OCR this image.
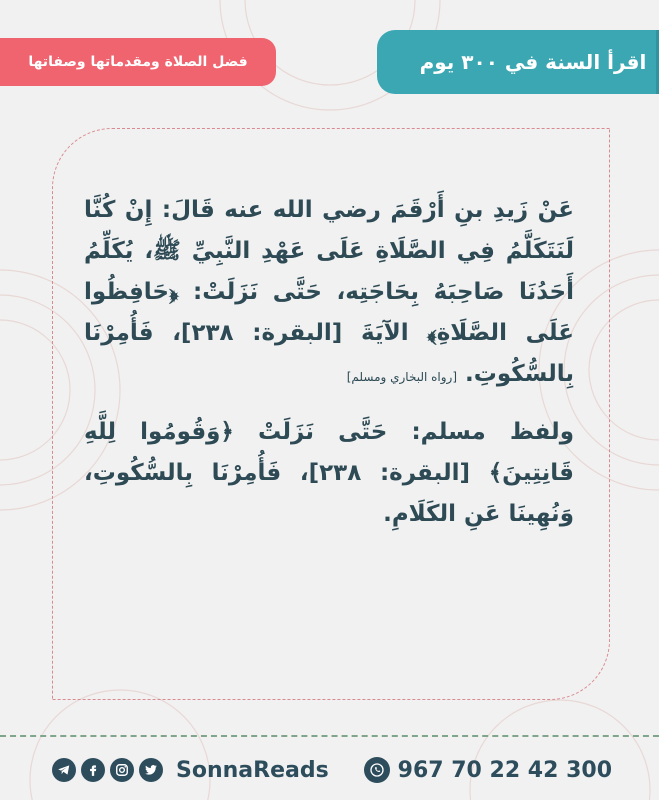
اقرأ السنة في ٣٠٠ يوم
فضل الصلاة ومقدماتها وصفاتها

عَنْ زَيدِ بنِ أَرْقَمَ رضي الله عنه قَالَ: إِنْ كُنَّا لَنَتَكَلَّمُ فِي الصَّلَاةِ عَلَى عَهْدِ النَّبِيِّ ﷺ، يُكَلِّمُ أَحَدُنَا صَاحِبَهُ بِحَاجَتِه، حَتَّى نَزَلَتْ: ﴿حَافِظُوا عَلَى الصَّلَاةِ﴾ الآيَةَ [البقرة: ٢٣٨]، فَأُمِرْنَا بِالسُّكُوتِ. [رواه البخاري ومسلم]

ولفظ مسلم: حَتَّى نَزَلَتْ ﴿وَقُومُوا لِلَّهِ قَانِتِينَ﴾ [البقرة: ٢٣٨]، فَأُمِرْنَا بِالسُّكُوتِ، وَنُهِينَا عَنِ الكَلَامِ.

SonnaReads	967 70 22 42 300
